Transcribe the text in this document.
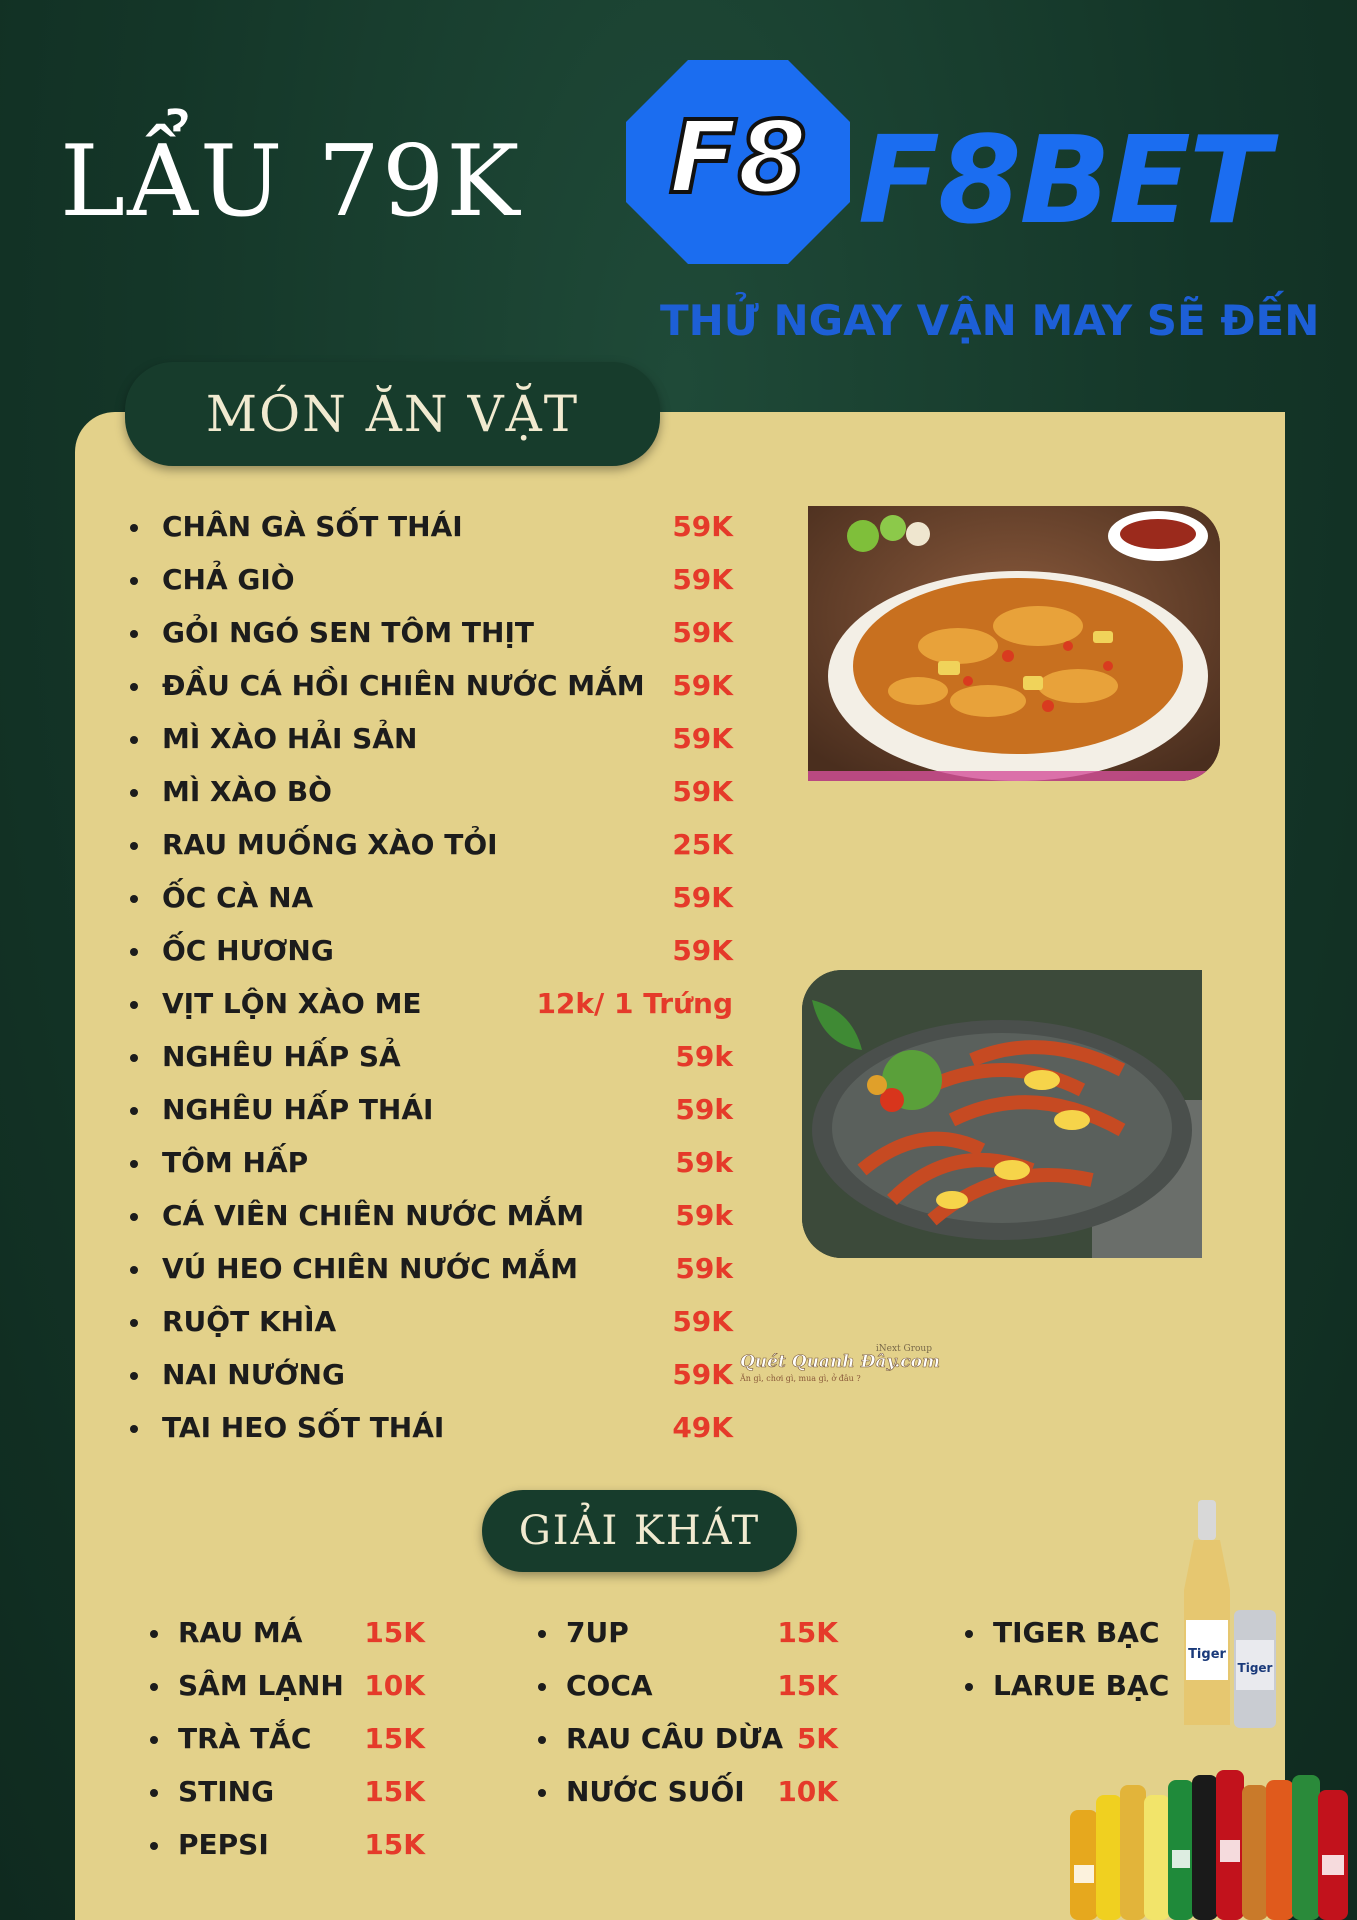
LẨU 79K F8 F8BET
THỬ NGAY VẬN MAY SẼ ĐẾN
MÓN ĂN VẶT
CHÂN GÀ SỐT THÁI	59K
CHẢ GIÒ	59K
GỎI NGÓ SEN TÔM THỊT	59K
ĐẦU CÁ HỒI CHIÊN NƯỚC MẮM 59K
MÌ XÀO HẢI SẢN	59K
MÌ XÀO BÒ	59K
RAU MUỐNG XÀO TỎI	25K
ỐC CÀ NA	59K
ỐC HƯƠNG	59K
VỊT LỘN XÀO ME	12k/ 1 Trứng
NGHÊU HẤP SẢ	59k
NGHÊU HẤP THÁI	59k
TÔM HẤP	59k
CÁ VIÊN CHIÊN NƯỚC MẮM	59k
VÚ HEO CHIÊN NƯỚC MẮM	59k
RUỘT KHÌA	59K
NAI NƯỚNG	59K
TAI HEO SỐT THÁI	49K
iNext Group
Quét Quanh Đây.com
Ăn gì, chơi gì, mua gì, ở đâu ?
GIẢI KHÁT
RAU MÁ 15K
SÂM LẠNH 10K
TRÀ TẮC 15K
STING	15K
PEPSI	15K
7UP	15K
COCA	15K
RAU CÂU DỪA 5K
NƯỚC SUỐI 10K
TIGER BẠC
LARUE BẠC
Tiger
Tiger
